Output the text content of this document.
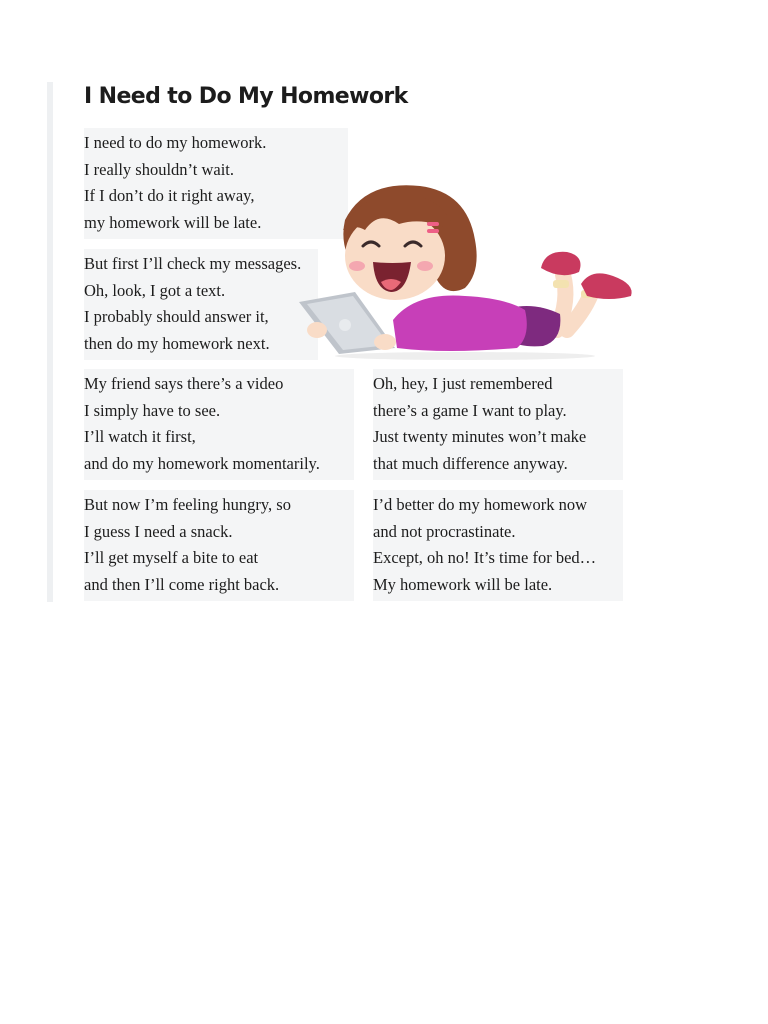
I Need to Do My Homework
I need to do my homework.
I really shouldn’t wait.
If I don’t do it right away,
my homework will be late.
But first I’ll check my messages.
Oh, look, I got a text.
I probably should answer it,
then do my homework next.
My friend says there’s a video
I simply have to see.
I’ll watch it first,
and do my homework momentarily.
But now I’m feeling hungry, so
I guess I need a snack.
I’ll get myself a bite to eat
and then I’ll come right back.
Oh, hey, I just remembered
there’s a game I want to play.
Just twenty minutes won’t make
that much difference anyway.
I’d better do my homework now
and not procrastinate.
Except, oh no! It’s time for bed…
My homework will be late.
